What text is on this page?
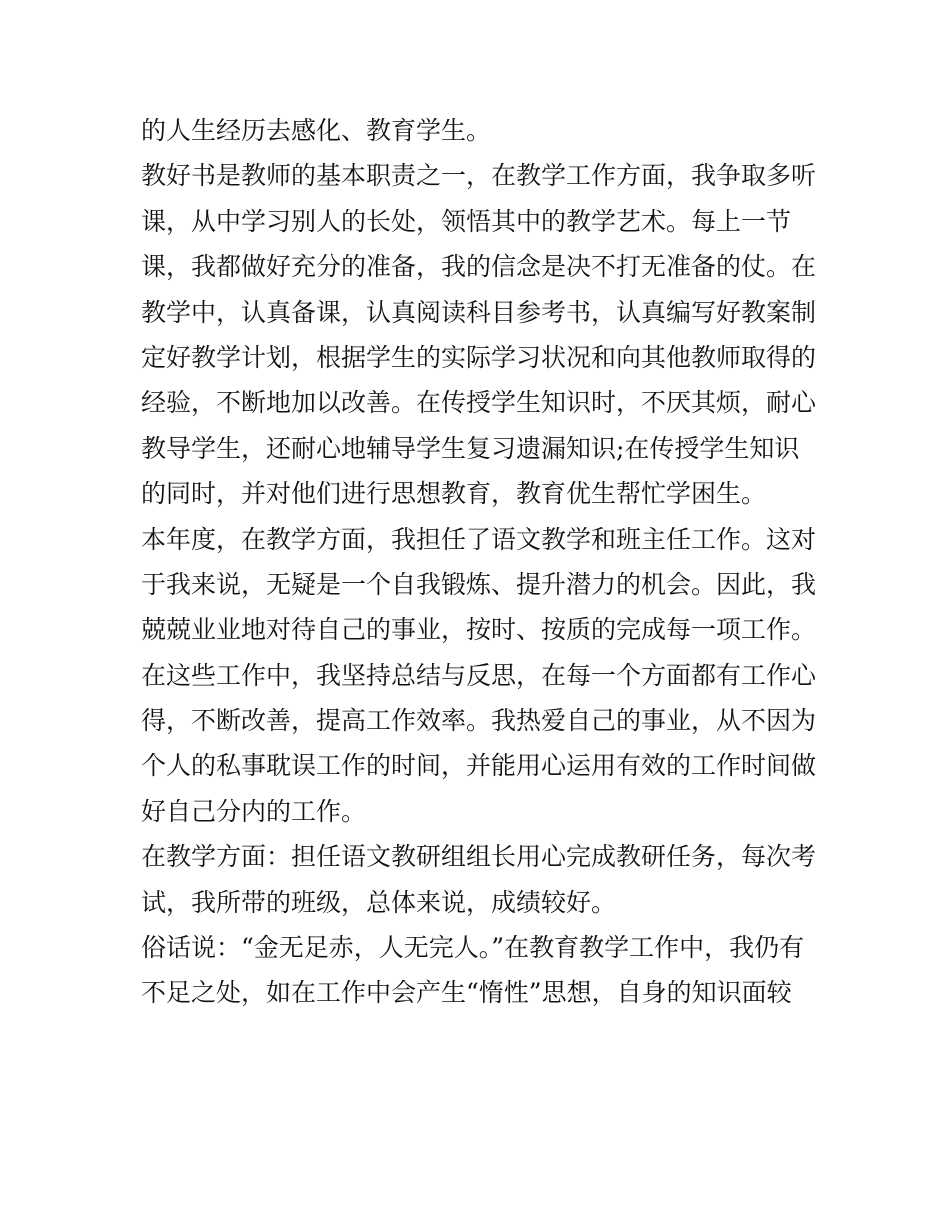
的人生经历去感化、教育学生。
教好书是教师的基本职责之一，在教学工作方面，我争取多听
课，从中学习别人的长处，领悟其中的教学艺术。每上一节
课，我都做好充分的准备，我的信念是决不打无准备的仗。在
教学中，认真备课，认真阅读科目参考书，认真编写好教案制
定好教学计划，根据学生的实际学习状况和向其他教师取得的
经验，不断地加以改善。在传授学生知识时，不厌其烦，耐心
教导学生，还耐心地辅导学生复习遗漏知识;在传授学生知识
的同时，并对他们进行思想教育，教育优生帮忙学困生。
本年度，在教学方面，我担任了语文教学和班主任工作。这对
于我来说，无疑是一个自我锻炼、提升潜力的机会。因此，我
兢兢业业地对待自己的事业，按时、按质的完成每一项工作。
在这些工作中，我坚持总结与反思，在每一个方面都有工作心
得，不断改善，提高工作效率。我热爱自己的事业，从不因为
个人的私事耽误工作的时间，并能用心运用有效的工作时间做
好自己分内的工作。
在教学方面：担任语文教研组组长用心完成教研任务，每次考
试，我所带的班级，总体来说，成绩较好。
俗话说：“金无足赤，人无完人。”在教育教学工作中，我仍有
不足之处，如在工作中会产生“惰性”思想，自身的知识面较
